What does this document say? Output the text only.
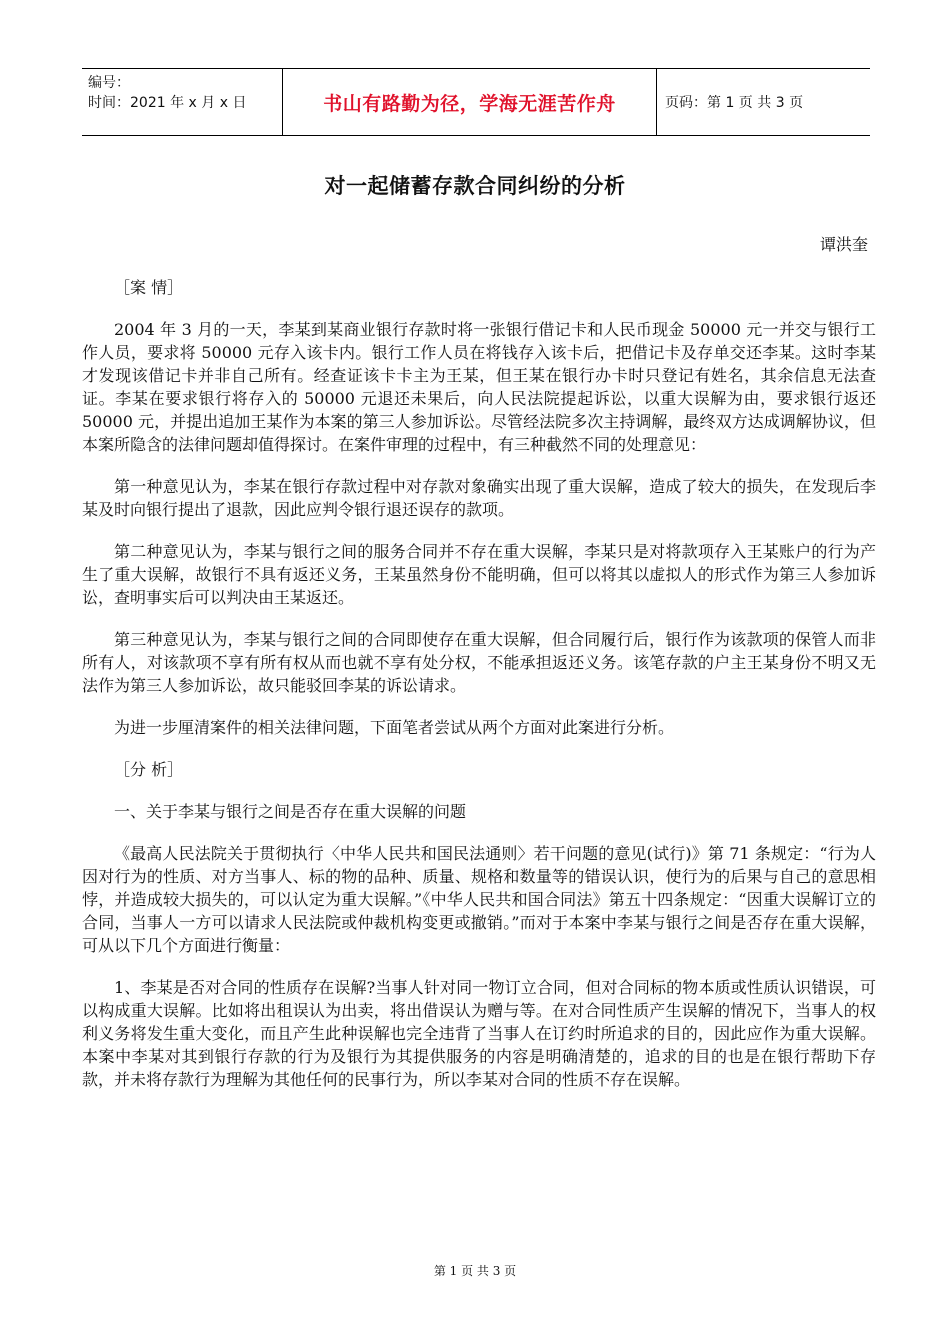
编号：
时间：2021 年 x 月 x 日	书山有路勤为径，学海无涯苦作舟	页码：第 1 页 共 3 页
对一起储蓄存款合同纠纷的分析
谭洪奎

［案 情］

2004 年 3 月的一天，李某到某商业银行存款时将一张银行借记卡和人民币现金 50000 元一并交与银行工作人员，要求将 50000 元存入该卡内。银行工作人员在将钱存入该卡后，把借记卡及存单交还李某。这时李某才发现该借记卡并非自己所有。经查证该卡卡主为王某，但王某在银行办卡时只登记有姓名，其余信息无法查证。李某在要求银行将存入的 50000 元退还未果后，向人民法院提起诉讼，以重大误解为由，要求银行返还 50000 元，并提出追加王某作为本案的第三人参加诉讼。尽管经法院多次主持调解，最终双方达成调解协议，但本案所隐含的法律问题却值得探讨。在案件审理的过程中，有三种截然不同的处理意见：

第一种意见认为，李某在银行存款过程中对存款对象确实出现了重大误解，造成了较大的损失，在发现后李某及时向银行提出了退款，因此应判令银行退还误存的款项。

第二种意见认为，李某与银行之间的服务合同并不存在重大误解，李某只是对将款项存入王某账户的行为产生了重大误解，故银行不具有返还义务，王某虽然身份不能明确，但可以将其以虚拟人的形式作为第三人参加诉讼，查明事实后可以判决由王某返还。

第三种意见认为，李某与银行之间的合同即使存在重大误解，但合同履行后，银行作为该款项的保管人而非所有人，对该款项不享有所有权从而也就不享有处分权，不能承担返还义务。该笔存款的户主王某身份不明又无法作为第三人参加诉讼，故只能驳回李某的诉讼请求。

为进一步厘清案件的相关法律问题，下面笔者尝试从两个方面对此案进行分析。

［分 析］

一、关于李某与银行之间是否存在重大误解的问题

《最高人民法院关于贯彻执行〈中华人民共和国民法通则〉若干问题的意见(试行)》第 71 条规定：“行为人因对行为的性质、对方当事人、标的物的品种、质量、规格和数量等的错误认识，使行为的后果与自己的意思相悖，并造成较大损失的，可以认定为重大误解。”《中华人民共和国合同法》第五十四条规定：“因重大误解订立的合同，当事人一方可以请求人民法院或仲裁机构变更或撤销。”而对于本案中李某与银行之间是否存在重大误解，可从以下几个方面进行衡量：

1、李某是否对合同的性质存在误解?当事人针对同一物订立合同，但对合同标的物本质或性质认识错误，可以构成重大误解。比如将出租误认为出卖，将出借误认为赠与等。在对合同性质产生误解的情况下，当事人的权利义务将发生重大变化，而且产生此种误解也完全违背了当事人在订约时所追求的目的，因此应作为重大误解。本案中李某对其到银行存款的行为及银行为其提供服务的内容是明确清楚的，追求的目的也是在银行帮助下存款，并未将存款行为理解为其他任何的民事行为，所以李某对合同的性质不存在误解。

第 1 页 共 3 页
